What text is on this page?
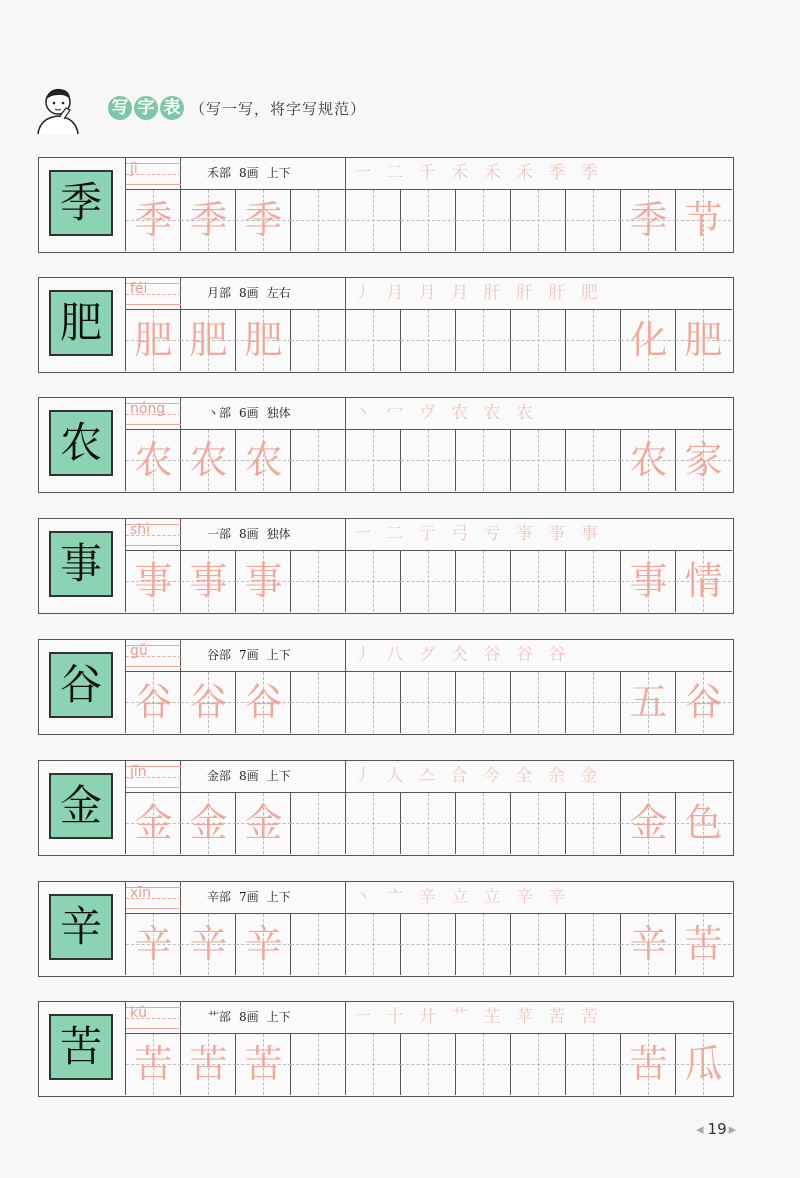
写 字 表 （写一写，将字写规范）
季
jì	禾部 8画 上下	一 二 千 禾 禾 禾 季 季
季 季 季	季 节
肥
féi	月部 8画 左右	丿 月 月 月 肝 肝 肝 肥
肥 肥 肥	化 肥
农
nóng	丶部 6画 独体	丶 冖 ヴ 农 农 农
农 农 农	农 家
事
shì	一部 8画 独体	一 二 亍 弓 亏 亊 亊 事
事 事 事	事 情
谷
gǔ	谷部 7画 上下	丿 八 グ 仌 谷 谷 谷
谷 谷 谷	五 谷
金
jīn	金部 8画 上下	丿 人 스 合 今 全 余 金
金 金 金	金 色
辛
xīn	辛部 7画 上下	丶 亠 辛 立 立 辛 辛
辛 辛 辛	辛 苦
苦
kǔ	艹部 8画 上下	一 十 廾 艹 芏 苹 苦 苦
苦 苦 苦	苦 瓜
◂ 19 ▸
